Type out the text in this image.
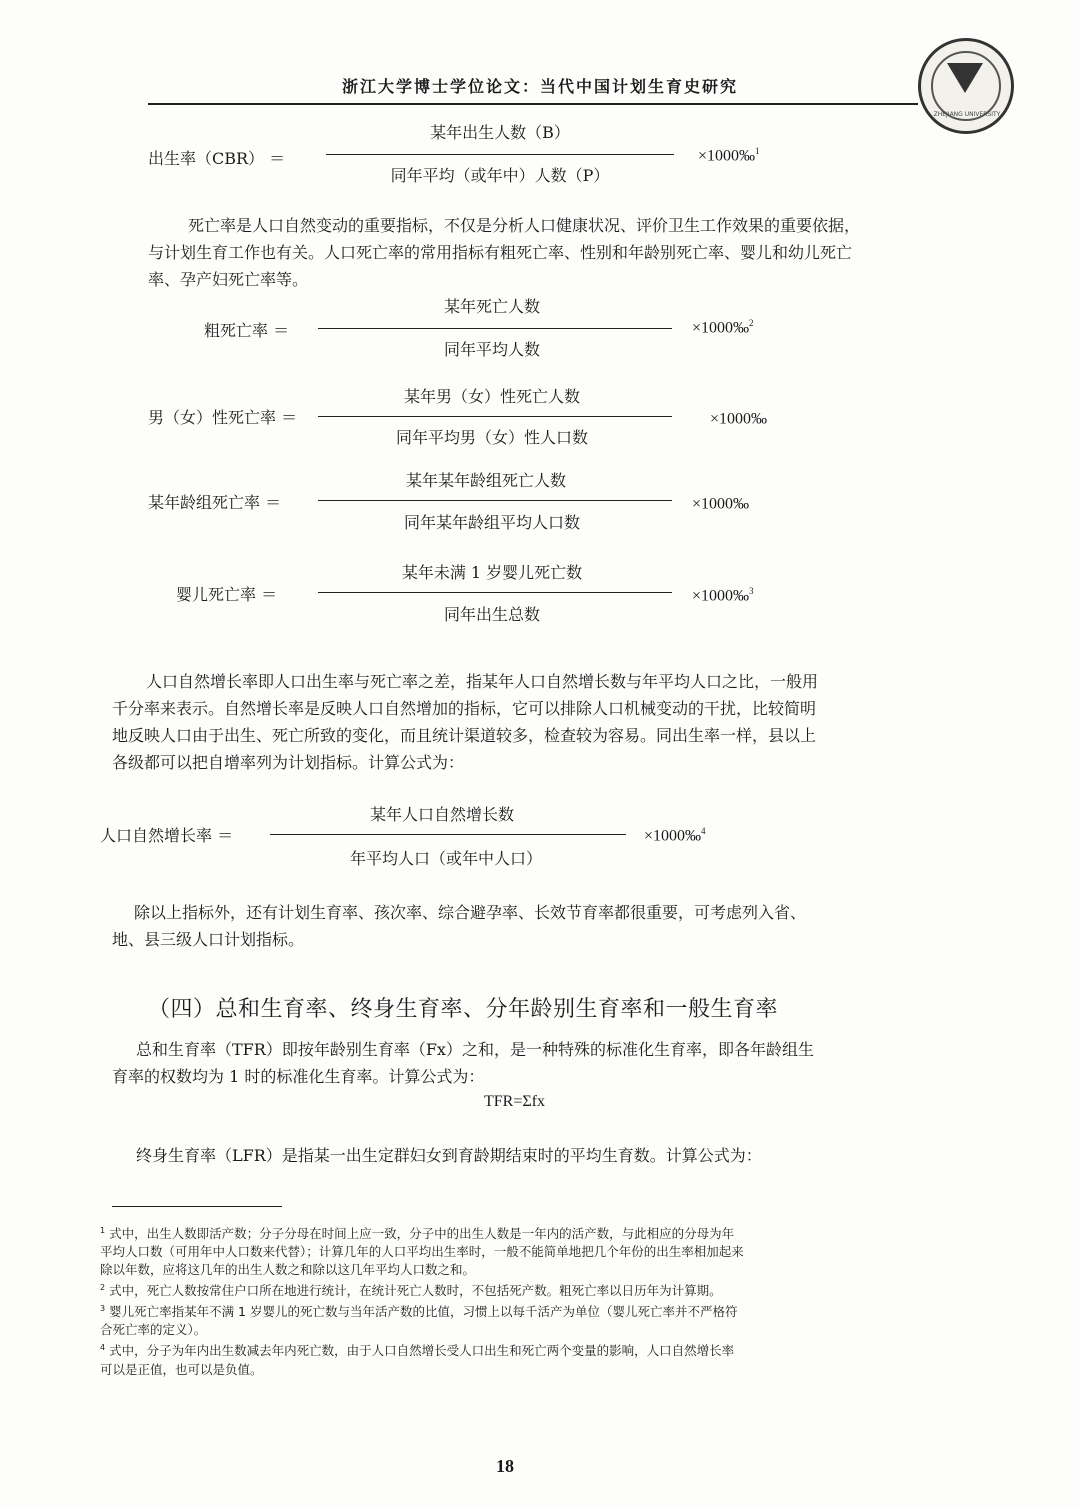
浙江大学博士学位论文：当代中国计划生育史研究
ZHEJIANG UNIVERSITY
出生率（CBR） ＝
某年出生人数（B）
同年平均（或年中）人数（P）
×1000‰$^1$
死亡率是人口自然变动的重要指标，不仅是分析人口健康状况、评价卫生工作效果的重要依据，
与计划生育工作也有关。人口死亡率的常用指标有粗死亡率、性别和年龄别死亡率、婴儿和幼儿死亡
率、孕产妇死亡率等。
粗死亡率 ＝
某年死亡人数
同年平均人数
×1000‰$^2$
男（女）性死亡率 ＝
某年男（女）性死亡人数
同年平均男（女）性人口数
×1000‰
某年龄组死亡率 ＝
某年某年龄组死亡人数
同年某年龄组平均人口数
×1000‰
婴儿死亡率 ＝
某年未满 1 岁婴儿死亡数
同年出生总数
×1000‰$^3$
人口自然增长率即人口出生率与死亡率之差，指某年人口自然增长数与年平均人口之比，一般用
千分率来表示。自然增长率是反映人口自然增加的指标，它可以排除人口机械变动的干扰，比较简明
地反映人口由于出生、死亡所致的变化，而且统计渠道较多，检查较为容易。同出生率一样，县以上
各级都可以把自增率列为计划指标。计算公式为：
人口自然增长率 ＝
某年人口自然增长数
年平均人口（或年中人口）
×1000‰$^4$
除以上指标外，还有计划生育率、孩次率、综合避孕率、长效节育率都很重要，可考虑列入省、
地、县三级人口计划指标。
（四）总和生育率、终身生育率、分年龄别生育率和一般生育率
总和生育率（TFR）即按年龄别生育率（Fx）之和，是一种特殊的标准化生育率，即各年龄组生
育率的权数均为 1 时的标准化生育率。计算公式为：
TFR=Σfx
终身生育率（LFR）是指某一出生定群妇女到育龄期结束时的平均生育数。计算公式为：
$^1$ 式中，出生人数即活产数；分子分母在时间上应一致，分子中的出生人数是一年内的活产数，与此相应的分母为年
平均人口数（可用年中人口数来代替）；计算几年的人口平均出生率时，一般不能简单地把几个年份的出生率相加起来
除以年数，应将这几年的出生人数之和除以这几年平均人口数之和。
$^2$ 式中，死亡人数按常住户口所在地进行统计，在统计死亡人数时，不包括死产数。粗死亡率以日历年为计算期。
$^3$ 婴儿死亡率指某年不满 1 岁婴儿的死亡数与当年活产数的比值，习惯上以每千活产为单位（婴儿死亡率并不严格符
合死亡率的定义）。
$^4$ 式中，分子为年内出生数减去年内死亡数，由于人口自然增长受人口出生和死亡两个变量的影响，人口自然增长率
可以是正值，也可以是负值。
18
